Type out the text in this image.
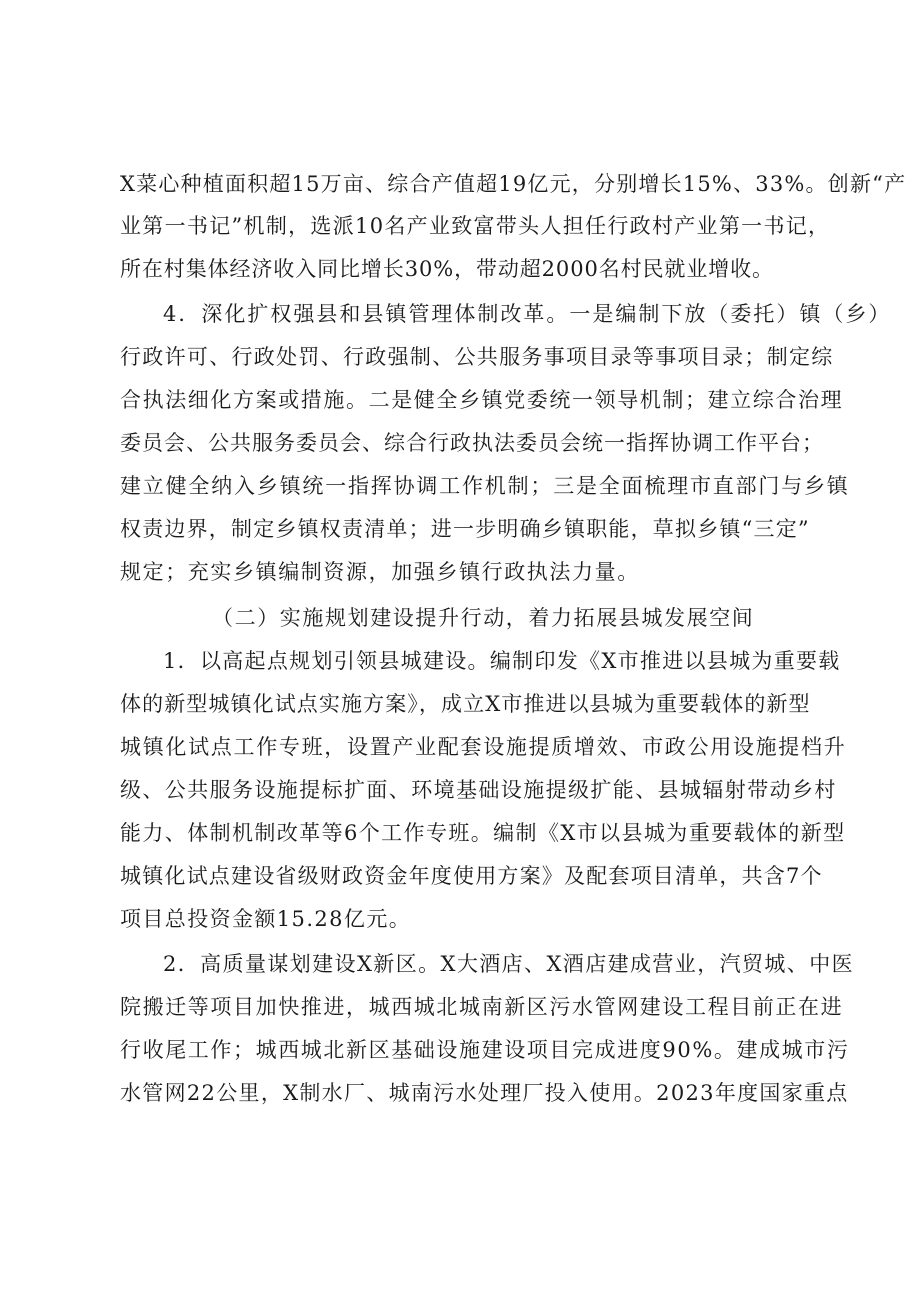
X菜心种植面积超15万亩、综合产值超19亿元，分别增长15%、33%。创新“产
业第一书记”机制，选派10名产业致富带头人担任行政村产业第一书记，
所在村集体经济收入同比增长30%，带动超2000名村民就业增收。
4．深化扩权强县和县镇管理体制改革。一是编制下放（委托）镇（乡）
行政许可、行政处罚、行政强制、公共服务事项目录等事项目录；制定综
合执法细化方案或措施。二是健全乡镇党委统一领导机制；建立综合治理
委员会、公共服务委员会、综合行政执法委员会统一指挥协调工作平台；
建立健全纳入乡镇统一指挥协调工作机制；三是全面梳理市直部门与乡镇
权责边界，制定乡镇权责清单；进一步明确乡镇职能，草拟乡镇“三定”
规定；充实乡镇编制资源，加强乡镇行政执法力量。
（二）实施规划建设提升行动，着力拓展县城发展空间
1．以高起点规划引领县城建设。编制印发《X市推进以县城为重要载
体的新型城镇化试点实施方案》，成立X市推进以县城为重要载体的新型
城镇化试点工作专班，设置产业配套设施提质增效、市政公用设施提档升
级、公共服务设施提标扩面、环境基础设施提级扩能、县城辐射带动乡村
能力、体制机制改革等6个工作专班。编制《X市以县城为重要载体的新型
城镇化试点建设省级财政资金年度使用方案》及配套项目清单，共含7个
项目总投资金额15.28亿元。
2．高质量谋划建设X新区。X大酒店、X酒店建成营业，汽贸城、中医
院搬迁等项目加快推进，城西城北城南新区污水管网建设工程目前正在进
行收尾工作；城西城北新区基础设施建设项目完成进度90%。建成城市污
水管网22公里，X制水厂、城南污水处理厂投入使用。2023年度国家重点
